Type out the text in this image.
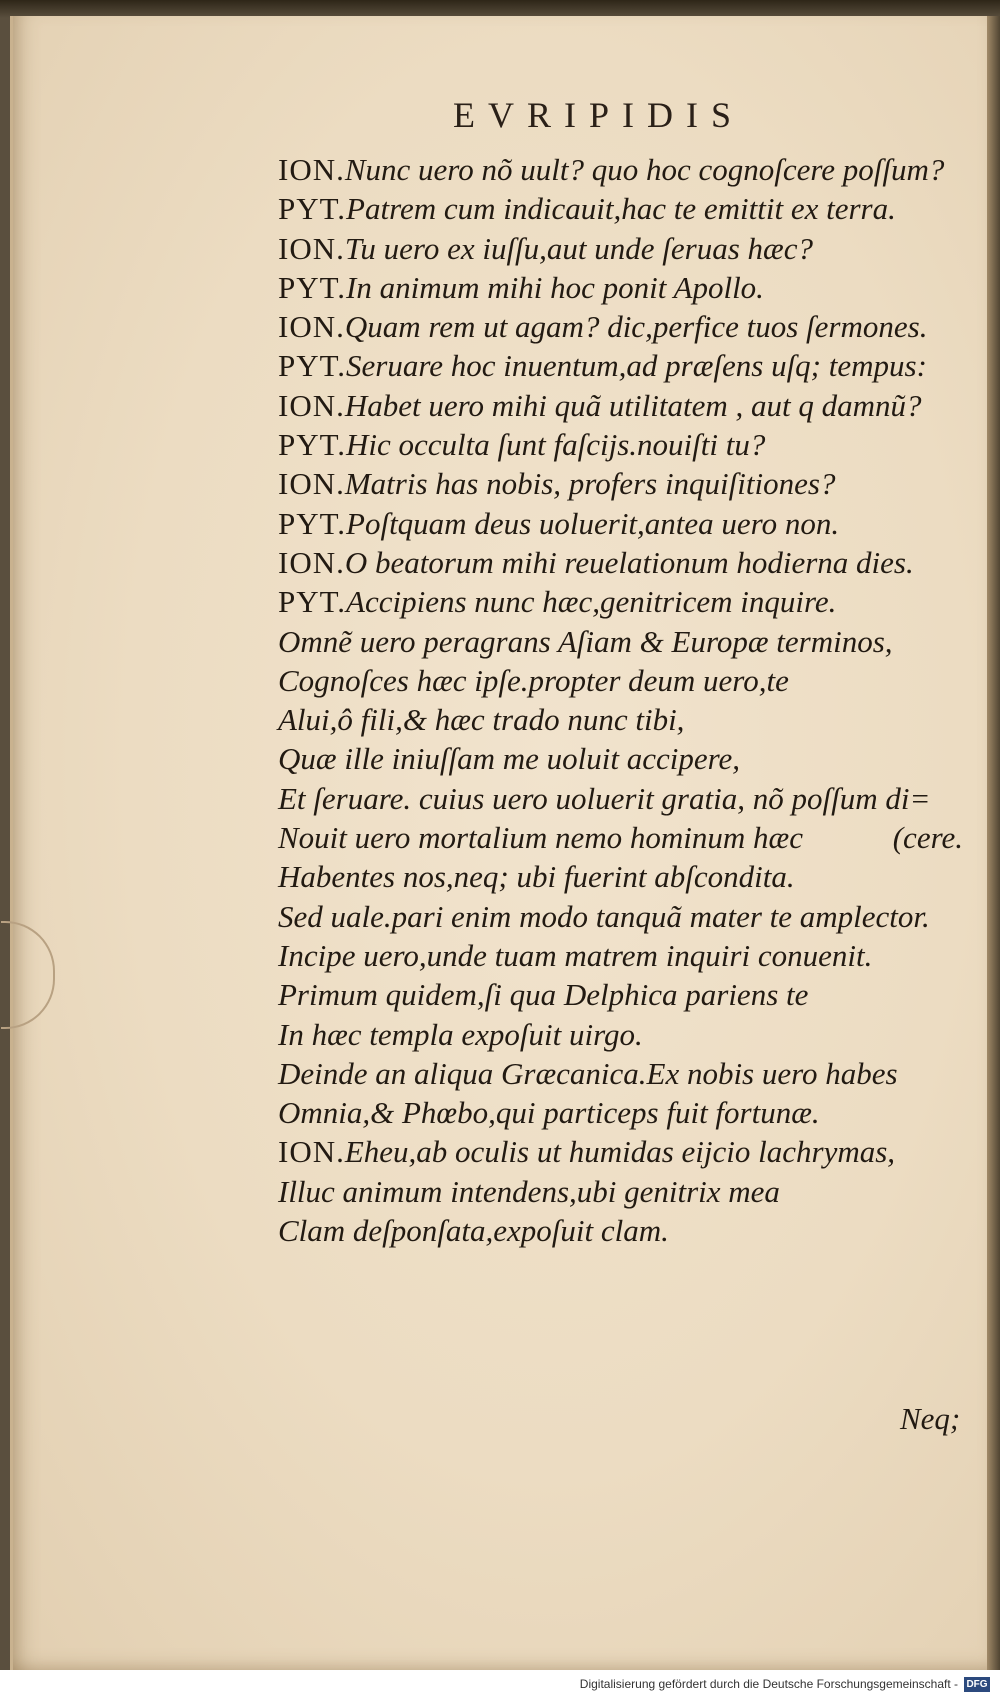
EVRIPIDIS
ION.Nunc uero nõ uult? quo hoc cognoſcere poſſum?
PYT.Patrem cum indicauit,hac te emittit ex terra.
ION.Tu uero ex iuſſu,aut unde ſeruas hæc?
PYT.In animum mihi hoc ponit Apollo.
ION.Quam rem ut agam? dic,perfice tuos ſermones.
PYT.Seruare hoc inuentum,ad præſens uſq; tempus:
ION.Habet uero mihi quã utilitatem , aut q damnũ?
PYT.Hic occulta ſunt faſcijs.nouiſti tu?
ION.Matris has nobis, profers inquiſitiones?
PYT.Poſtquam deus uoluerit,antea uero non.
ION.O beatorum mihi reuelationum hodierna dies.
PYT.Accipiens nunc hæc,genitricem inquire.
Omnẽ uero peragrans Aſiam & Europæ terminos,
Cognoſces hæc ipſe.propter deum uero,te
Alui,ô fili,& hæc trado nunc tibi,
Quæ ille iniuſſam me uoluit accipere,
Et ſeruare. cuius uero uoluerit gratia, nõ poſſum di=
Nouit uero mortalium nemo hominum hæc	(cere.
Habentes nos,neq; ubi fuerint abſcondita.
Sed uale.pari enim modo tanquã mater te amplector.
Incipe uero,unde tuam matrem inquiri conuenit.
Primum quidem,ſi qua Delphica pariens te
In hæc templa expoſuit uirgo.
Deinde an aliqua Græcanica.Ex nobis uero habes
Omnia,& Phœbo,qui particeps fuit fortunæ.
ION.Eheu,ab oculis ut humidas eijcio lachrymas,
Illuc animum intendens,ubi genitrix mea
Clam deſponſata,expoſuit clam.

Neq;

Digitalisierung gefördert durch die Deutsche Forschungsgemeinschaft - DFG
